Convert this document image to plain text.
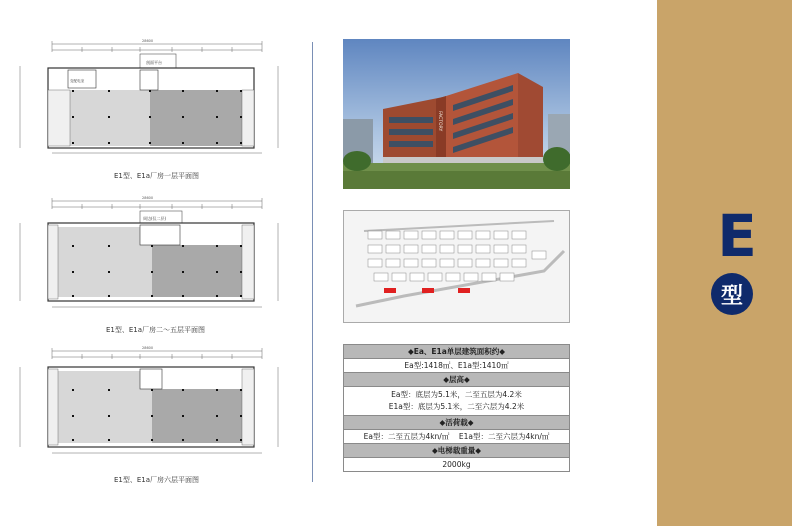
28600
剖面平台
变配电室
E1型、E1a厂房一层平面图
28600
周边(仅二层)
E1型、E1a厂房二～五层平面图
28600
E1型、E1a厂房六层平面图
FACTORY
◆Ea、E1a单层建筑面积约◆
Ea型:1418㎡、E1a型:1410㎡
◆层高◆

Ea型：底层为5.1米，二至五层为4.2米
E1a型：底层为5.1米，二至六层为4.2米

◆活荷载◆
Ea型：二至五层为4kn/㎡    E1a型：二至六层为4kn/㎡
◆电梯载重量◆
2000kg
E
型
